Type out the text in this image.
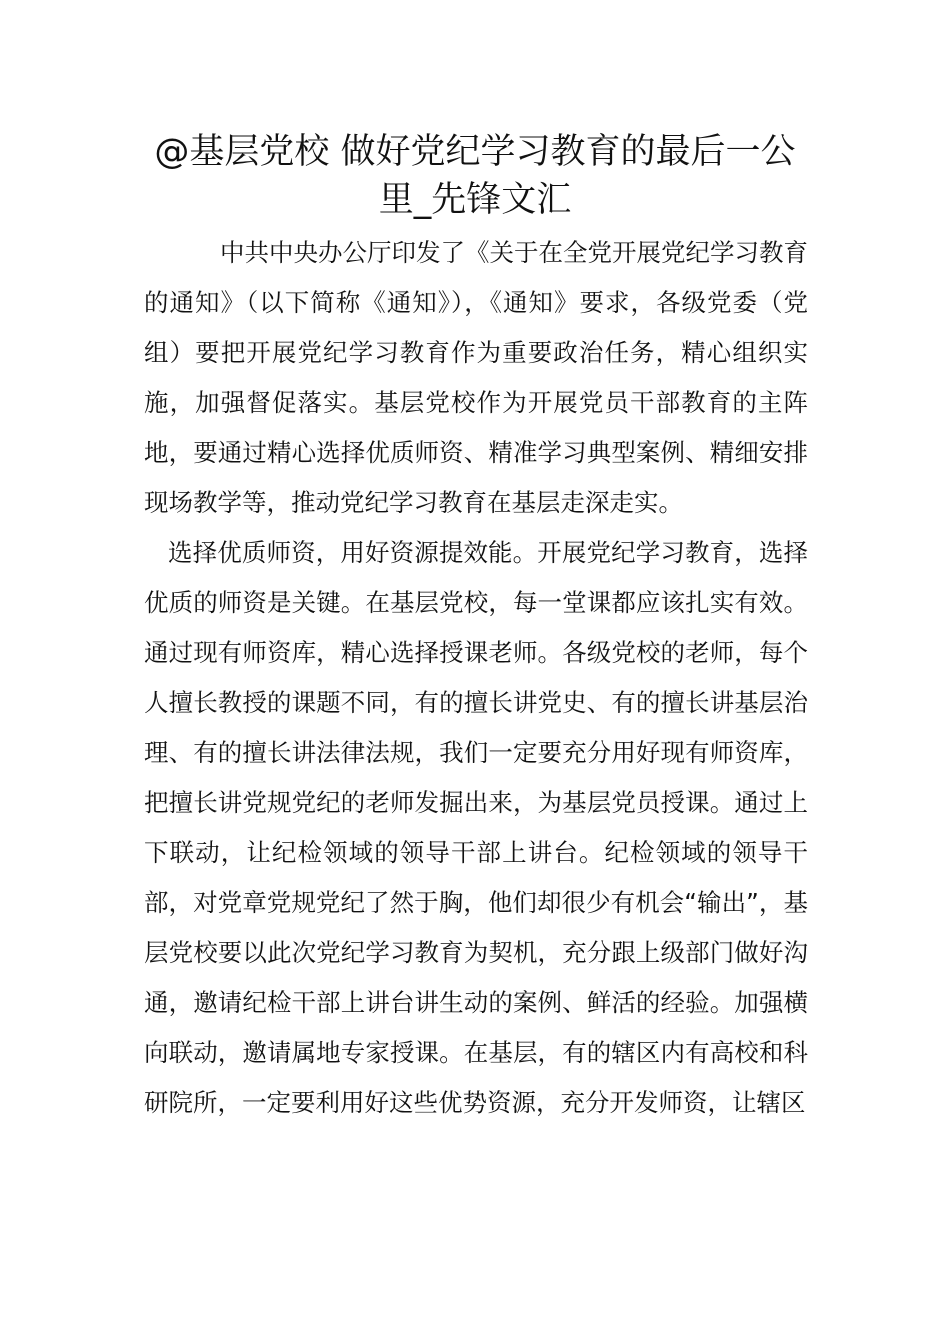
@基层党校 做好党纪学习教育的最后一公里_先锋文汇

中共中央办公厅印发了《关于在全党开展党纪学习教育的通知》（以下简称《通知》），《通知》要求，各级党委（党组）要把开展党纪学习教育作为重要政治任务，精心组织实施，加强督促落实。基层党校作为开展党员干部教育的主阵地，要通过精心选择优质师资、精准学习典型案例、精细安排现场教学等，推动党纪学习教育在基层走深走实。

选择优质师资，用好资源提效能。开展党纪学习教育，选择优质的师资是关键。在基层党校，每一堂课都应该扎实有效。通过现有师资库，精心选择授课老师。各级党校的老师，每个人擅长教授的课题不同，有的擅长讲党史、有的擅长讲基层治理、有的擅长讲法律法规，我们一定要充分用好现有师资库，把擅长讲党规党纪的老师发掘出来，为基层党员授课。通过上下联动，让纪检领域的领导干部上讲台。纪检领域的领导干部，对党章党规党纪了然于胸，他们却很少有机会“输出”，基层党校要以此次党纪学习教育为契机，充分跟上级部门做好沟通，邀请纪检干部上讲台讲生动的案例、鲜活的经验。加强横向联动，邀请属地专家授课。在基层，有的辖区内有高校和科研院所，一定要利用好这些优势资源，充分开发师资，让辖区
